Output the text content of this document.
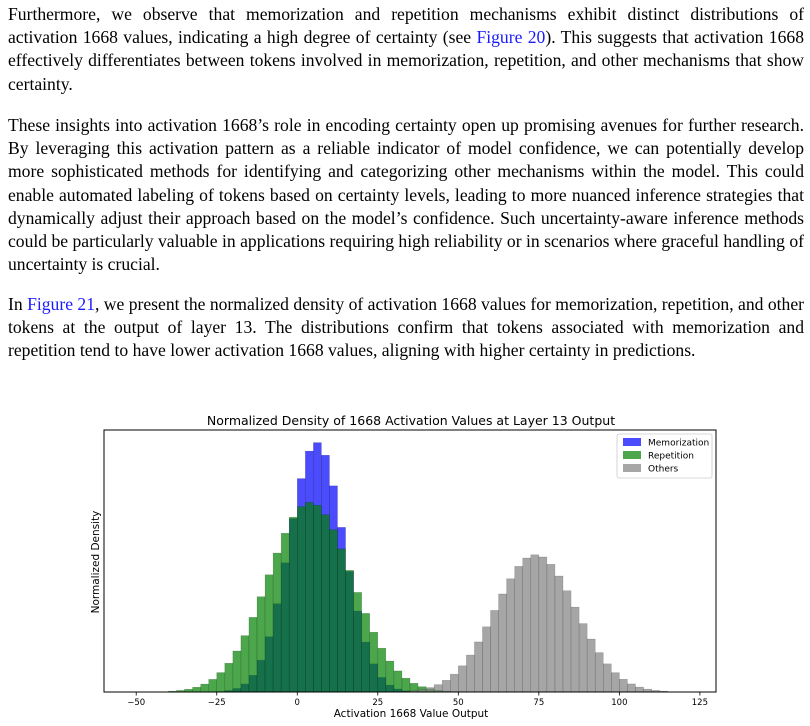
Furthermore, we observe that memorization and repetition mechanisms exhibit distinct distributions of activation 1668 values, indicating a high degree of certainty (see Figure 20). This suggests that activation 1668 effectively differentiates between tokens involved in memorization, repetition, and other mechanisms that show certainty.

These insights into activation 1668’s role in encoding certainty open up promising avenues for further research. By leveraging this activation pattern as a reliable indicator of model confidence, we can potentially develop more sophisticated methods for identifying and categorizing other mechanisms within the model. This could enable automated labeling of tokens based on certainty levels, leading to more nuanced inference strategies that dynamically adjust their approach based on the model’s confidence. Such uncertainty-aware inference methods could be particularly valuable in applications requiring high reliability or in scenarios where graceful handling of uncertainty is crucial.

In Figure 21, we present the normalized density of activation 1668 values for memorization, repetition, and other tokens at the output of layer 13. The distributions confirm that tokens associated with memorization and repetition tend to have lower activation 1668 values, aligning with higher certainty in predictions.

Normalized Density of 1668 Activation Values at Layer 13 Output
−50	−25	0	25	50	75	100	125
Activation 1668 Value Output
Normalized Density
Memorization
Repetition
Others
